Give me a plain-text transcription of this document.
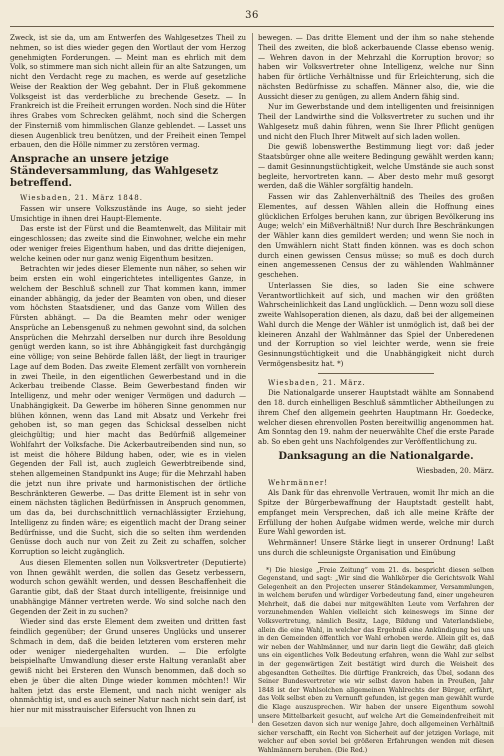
36

Zweck, ist sie da, um am Entwerfen des Wahlgesetzes Theil zu nehmen, so ist dies wieder gegen den Wortlaut der vom Herzog genehmigten Forderungen. — Meint man es ehrlich mit dem Volk, so stimmere man sich nicht allein für an alte Satzungen, um nicht den Verdacht rege zu machen, es werde auf gesetzliche Weise der Reaktion der Weg gebahnt. Der in Fluß gekommene Volksgeist ist das verderbliche zu brechende Gesetz. — In Frankreich ist die Freiheit errungen worden. Noch sind die Hüter ihres Grabes vom Schrecken gelähmt, noch sind die Schergen der Finsterniß vom himmlischen Glanze geblendet. — Lasset uns diesen Augenblick treu benützen, und der Freiheit einen Tempel erbauen, den die Hölle nimmer zu zerstören vermag.

Ansprache an unsere jetzige Ständeversammlung, das Wahlgesetz betreffend.

Wiesbaden, 21. März 1848.

Fassen wir unsere Volkszustände ins Auge, so sieht jeder Umsichtige in ihnen drei Haupt-Elemente.

Das erste ist der Fürst und die Beamtenwelt, das Militair mit eingeschlossen; das zweite sind die Einwohner, welche ein mehr oder weniger freies Eigenthum haben, und das dritte diejenigen, welche keinen oder nur ganz wenig Eigenthum besitzen.

Betrachten wir jedes dieser Elemente nun näher, so sehen wir beim ersten ein wohl eingerichtetes intelligentes Ganze, in welchem der Beschluß schnell zur That kommen kann, immer einander abhängig, da jeder der Beamten von oben, und dieser vom höchsten Staatsdiener, und das Ganze vom Willen des Fürsten abhängt. — Da die Beamten mehr oder weniger Ansprüche an Lebensgenuß zu nehmen gewohnt sind, da solchen Ansprüchen die Mehrzahl derselben nur durch ihre Besoldung genügt werden kann, so ist ihre Abhängigkeit fast durchgängig eine völlige; von seine Behörde fallen läßt, der liegt in trauriger Lage auf dem Boden. Das zweite Element zerfällt von vornherein in zwei Theile, in den eigentlichen Gewerbestand und in die Ackerbau treibende Classe. Beim Gewerbestand finden wir Intelligenz, und mehr oder weniger Vermögen und dadurch — Unabhängigkeit. Da Gewerbe im höheren Sinne genommen nur blühen können, wenn das Land mit Absatz und Verkehr frei gehoben ist, so man gegen das Schicksal desselben nicht gleichgültig; und hier macht das Bedürfniß allgemeiner Wohlfahrt der Volksfache. Die Ackerbautreibenden sind nun, so ist meist die höhere Bildung haben, oder, wie es in vielen Gegenden der Fall ist, auch zugleich Gewerbtreibende sind, stehen allgemeinen Standpunkt ins Auge; für die Mehrzahl haben die jetzt nun ihre private und harmonistischen der örtliche Beschränkteren Gewerbe. — Das dritte Element ist in sehr von einem nächsten täglichen Bedürfnissen in Anspruch genommen, um das da, bei durchschnittlich vernachlässigter Erziehung, Intelligenz zu finden wäre; es eigentlich macht der Drang seiner Bedürfnisse, und die Sucht, sich die so selten ihm werdenden Genüsse doch auch nur von Zeit zu Zeit zu schaffen, solcher Korruption so leicht zugänglich.

Aus diesen Elementen sollen nun Volksvertreter (Deputierte) von Ihnen gewählt werden, die sollen das Gesetz verbessern, wodurch schon gewählt werden, und dessen Beschaffenheit die Garantie gibt, daß der Staat durch intelligente, freisinnige und unabhängige Männer vertreten werde. Wo sind solche nach den Gegenden der Zeit in zu suchen?

Wieder sind das erste Element dem zweiten und dritten fast feindlich gegenüber; der Grund unseres Unglücks und unserer Schmach in dem, daß die beiden letzteren vom ersteren mehr oder weniger niedergehalten wurden. — Die erfolgte beispielhafte Umwandlung dieser erste Haltung veranlaßt aber gewiß nicht bei Ersteren den Wunsch benommen, daß doch so eben je über die alten Dinge wieder kommen möchten!! Wir halten jetzt das erste Element, und nach nicht weniger als ohnmächtig ist, und es auch seiner Natur nach nicht sein darf, ist hier nur mit misstrauischer Eifersucht von Ihnen zu

bewegen. — Das dritte Element und der ihm so nahe stehende Theil des zweiten, die bloß ackerbauende Classe ebenso wenig. — Wehren davon in der Mehrzahl die Korruption brovor; so haben wir Volksvertreter ohne Intelligenz, welche nur Sinn haben für örtliche Verhältnisse und für Erleichterung, sich die nächsten Bedürfnisse zu schaffen. Männer also, die, wie die Aussicht dieser zu genügen, zu allem Andern fähig sind.

Nur im Gewerbstande und dem intelligenten und freisinnigen Theil der Landwirthe sind die Volksvertreter zu suchen und ihr Wahlgesetz muß dahin führen, wenn Sie Ihrer Pflicht genügen und nicht den Fluch Ihrer Mitwelt auf sich laden wollen.

Die gewiß lobenswerthe Bestimmung liegt vor: daß jeder Staatsbürger ohne alle weitere Bedingung gewählt werden kann; — damit Gesinnungstüchtigkeit, welche Umstände sie auch sonst begleite, hervortreten kann. — Aber desto mehr muß gesorgt werden, daß die Wähler sorgfältig handeln.

Fassen wir das Zahlenverhältniß des Theiles des großen Elementes, auf dessen Wählen allein die Hoffnung eines glücklichen Erfolges beruhen kann, zur übrigen Bevölkerung ins Auge; welch' ein Mißverhältniß! Nur durch Ihre Beschränkungen der Wähler kann dies gemildert werden; und wenn Sie noch in den Umwählern nicht Statt finden können. was es doch schon durch einen gewissen Census müsse; so muß es doch durch einen angemessenen Census der zu wählenden Wahlmänner geschehen.

Unterlassen Sie dies, so laden Sie eine schwere Verantwortlichkeit auf sich, und machen wir den größten Wahrscheinlichkeit das Land unglücklich. — Denn wozu soll diese zweite Wahlsoperation dienen, als dazu, daß bei der allgemeinen Wahl durch die Menge der Wähler ist unmöglich ist, daß bei der kleineren Anzahl der Wahlmänner das Spiel der Unberedenen und der Korruption so viel leichter werde, wenn sie freie Gesinnungstüchtigkeit und die Unabhängigkeit nicht durch Vermögensbesitz hat. *)

Wiesbaden, 21. März.

Die Nationalgarde unserer Hauptstadt wählte am Sonnabend den 18. durch einhelligen Beschluß sämmtlicher Abtheilungen zu ihrem Chef den allgemein geehrten Hauptmann Hr. Goedecke, welcher diesen ehrenvollen Posten bereitwillig angenommen hat. Am Sonntag den 19. nahm der neuerwählte Chef die erste Parade ab. So eben geht uns Nachfolgendes zur Veröffentlichung zu.

Danksagung an die Nationalgarde.

Wiesbaden, 20. März.

Wehrmänner!

Als Dank für das ehrenvolle Vertrauen, womit Ihr mich an die Spitze der Bürgerbewaffnung der Hauptstadt gestellt habt, empfanget mein Versprechen, daß ich alle meine Kräfte der Erfüllung der hohen Aufgabe widmen werde, welche mir durch Eure Wahl geworden ist.

Wehrmänner! Unsere Stärke liegt in unserer Ordnung! Laßt uns durch die schleunigste Organisation und Einübung

*) Die hiesige „Freie Zeitung“ vom 21. ds. bespricht diesen selben Gegenstand, und sagt: „Wir sind die Wahlkörper die Gerichtsvolk Wahl Gelegenheit an den Projecten unserer Ständekammer, Versammlungen, in welchem berufen und würdiger Vorbedeutung fand, einer ungeheuren Mehrheit, daß die dabei nur mitgewählten Leute vom Verfahren der vorzunehmenden Wahlen vielleicht sich keineswegs im Sinne der Volksvertretung, nämlich Besitz, Lage, Bildung und Vaterlandsliebe, allein die eine Wahl, in welcher das Ergebniß eine Ankündigung bei uns in den Gemeinden öffentlich vor Wahl erhoben werde. Allein gilt es, daß wir neben der Wahlmänner, und nur darin liegt die Gewähr, daß gleich uns ein eigentliches Volk Bedeutung erfahren, wenn die Wahl zur selbst in der gegenwärtigen Zeit bestätigt wird durch die Weisheit des abgesandten Getheiltes. Die dürftige Frankreich, das Übel, sodann des Seiner Bundesvertreter wie wir selbst davon haben in Preußen, Jahr 1848 ist der Wahlsolchen allgemeinen Wahlrechts der Bürger, erfährt, das Volk selbst eben zu Vernunft gefunden, ist gegen man gewählt wurde die Klage auszusprechen. Wir haben der unsere Eigenthum sowohl unsere Mittelbarkeit gesucht, auf welche Art die Gemeindenfreiheit mit den Gesetzen davon sich nur wenige Jahre, doch allgemeinen Verhältniß sicher verschafft, ein Recht von Sicherheit auf der jetzigen Vorlage, mit welcher auf eben soviel bei größeren Erfahrungen wenden mit diesen Wahlmännern beruhen. (Die Red.)
